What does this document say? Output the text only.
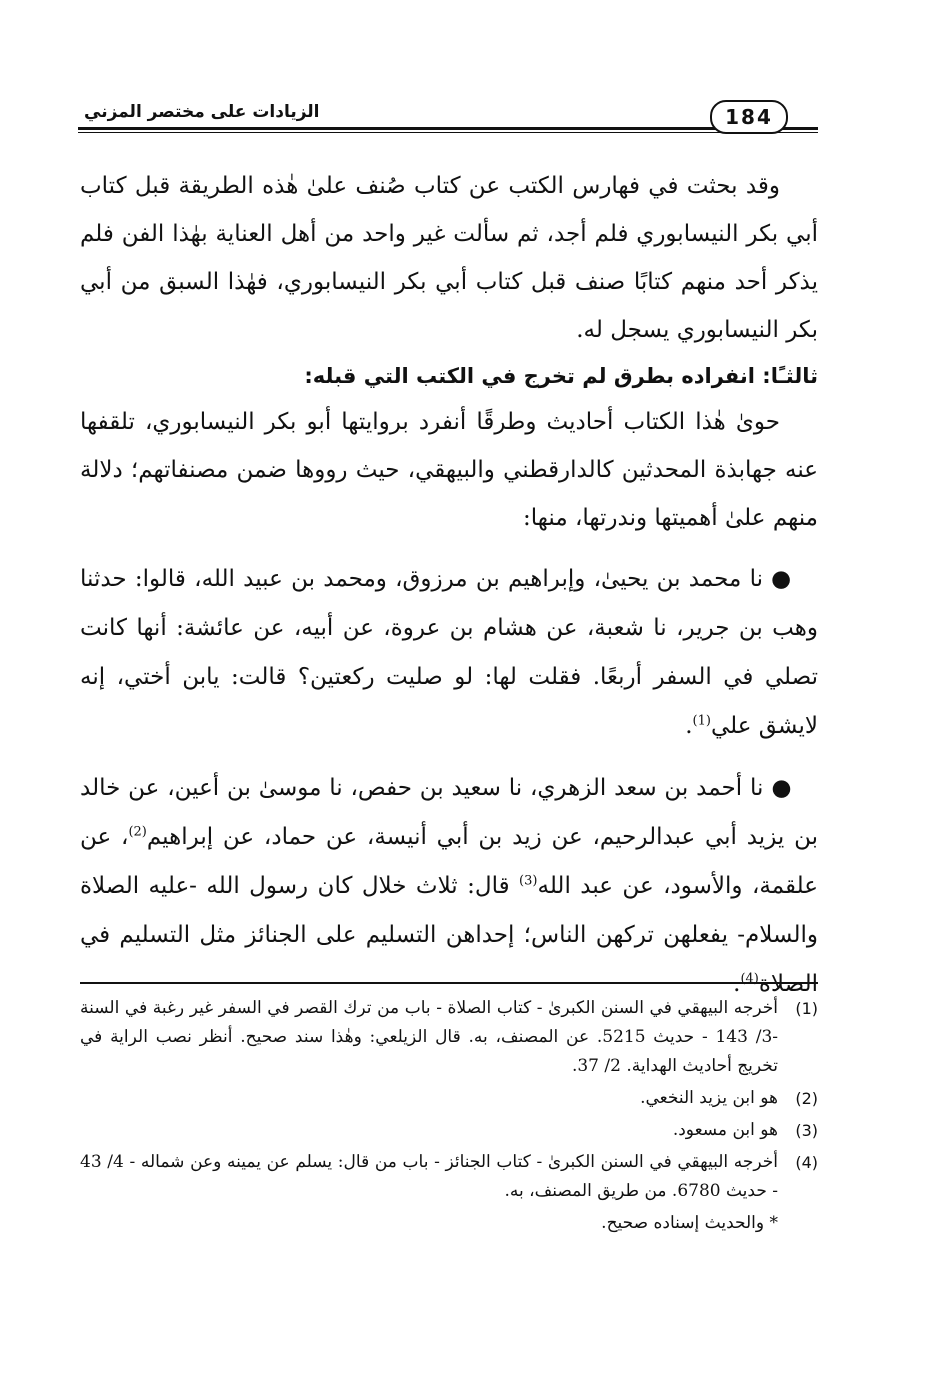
الزيادات على مختصر المزني	184

وقد بحثت في فهارس الكتب عن كتاب صُنف علىٰ هٰذه الطريقة قبل كتاب أبي بكر النيسابوري فلم أجد، ثم سألت غير واحد من أهل العناية بهٰذا الفن فلم يذكر أحد منهم كتابًا صنف قبل كتاب أبي بكر النيسابوري، فهٰذا السبق من أبي بكر النيسابوري يسجل له.

ثالثـًا: انفراده بطرق لم تخرج في الكتب التي قبله:

حوىٰ هٰذا الكتاب أحاديث وطرقًا أنفرد بروايتها أبو بكر النيسابوري، تلقفها عنه جهابذة المحدثين كالدارقطني والبيهقي، حيث رووها ضمن مصنفاتهم؛ دلالة منهم علىٰ أهميتها وندرتها، منها:

●نا محمد بن يحيىٰ، وإبراهيم بن مرزوق، ومحمد بن عبيد الله، قالوا: حدثنا وهب بن جرير، نا شعبة، عن هشام بن عروة، عن أبيه، عن عائشة: أنها كانت تصلي في السفر أربعًا. فقلت لها: لو صليت ركعتين؟ قالت: يابن أختي، إنه لايشق علي$^{(1)}$.

●نا أحمد بن سعد الزهري، نا سعيد بن حفص، نا موسىٰ بن أعين، عن خالد بن يزيد أبي عبدالرحيم، عن زيد بن أبي أنيسة، عن حماد، عن إبراهيم$^{(2)}$، عن علقمة، والأسود، عن عبد الله$^{(3)}$ قال: ثلاث خلال كان رسول الله -عليه الصلاة والسلام- يفعلهن تركهن الناس؛ إحداهن التسليم على الجنائز مثل التسليم في الصلاة$^{(4)}$.

(1)
أخرجه البيهقي في السنن الكبرىٰ - كتاب الصلاة - باب من ترك القصر في السفر غير رغبة في السنة -3/ 143 - حديث 5215. عن المصنف، به. قال الزيلعي: وهٰذا سند صحيح. أنظر نصب الراية في تخريج أحاديث الهداية. 2/ 37.
(2)
هو ابن يزيد النخعي.
(3)
هو ابن مسعود.
(4)
أخرجه البيهقي في السنن الكبرىٰ - كتاب الجنائز - باب من قال: يسلم عن يمينه وعن شماله - 4/ 43 - حديث 6780. من طريق المصنف، به.

* والحديث إسناده صحيح.
